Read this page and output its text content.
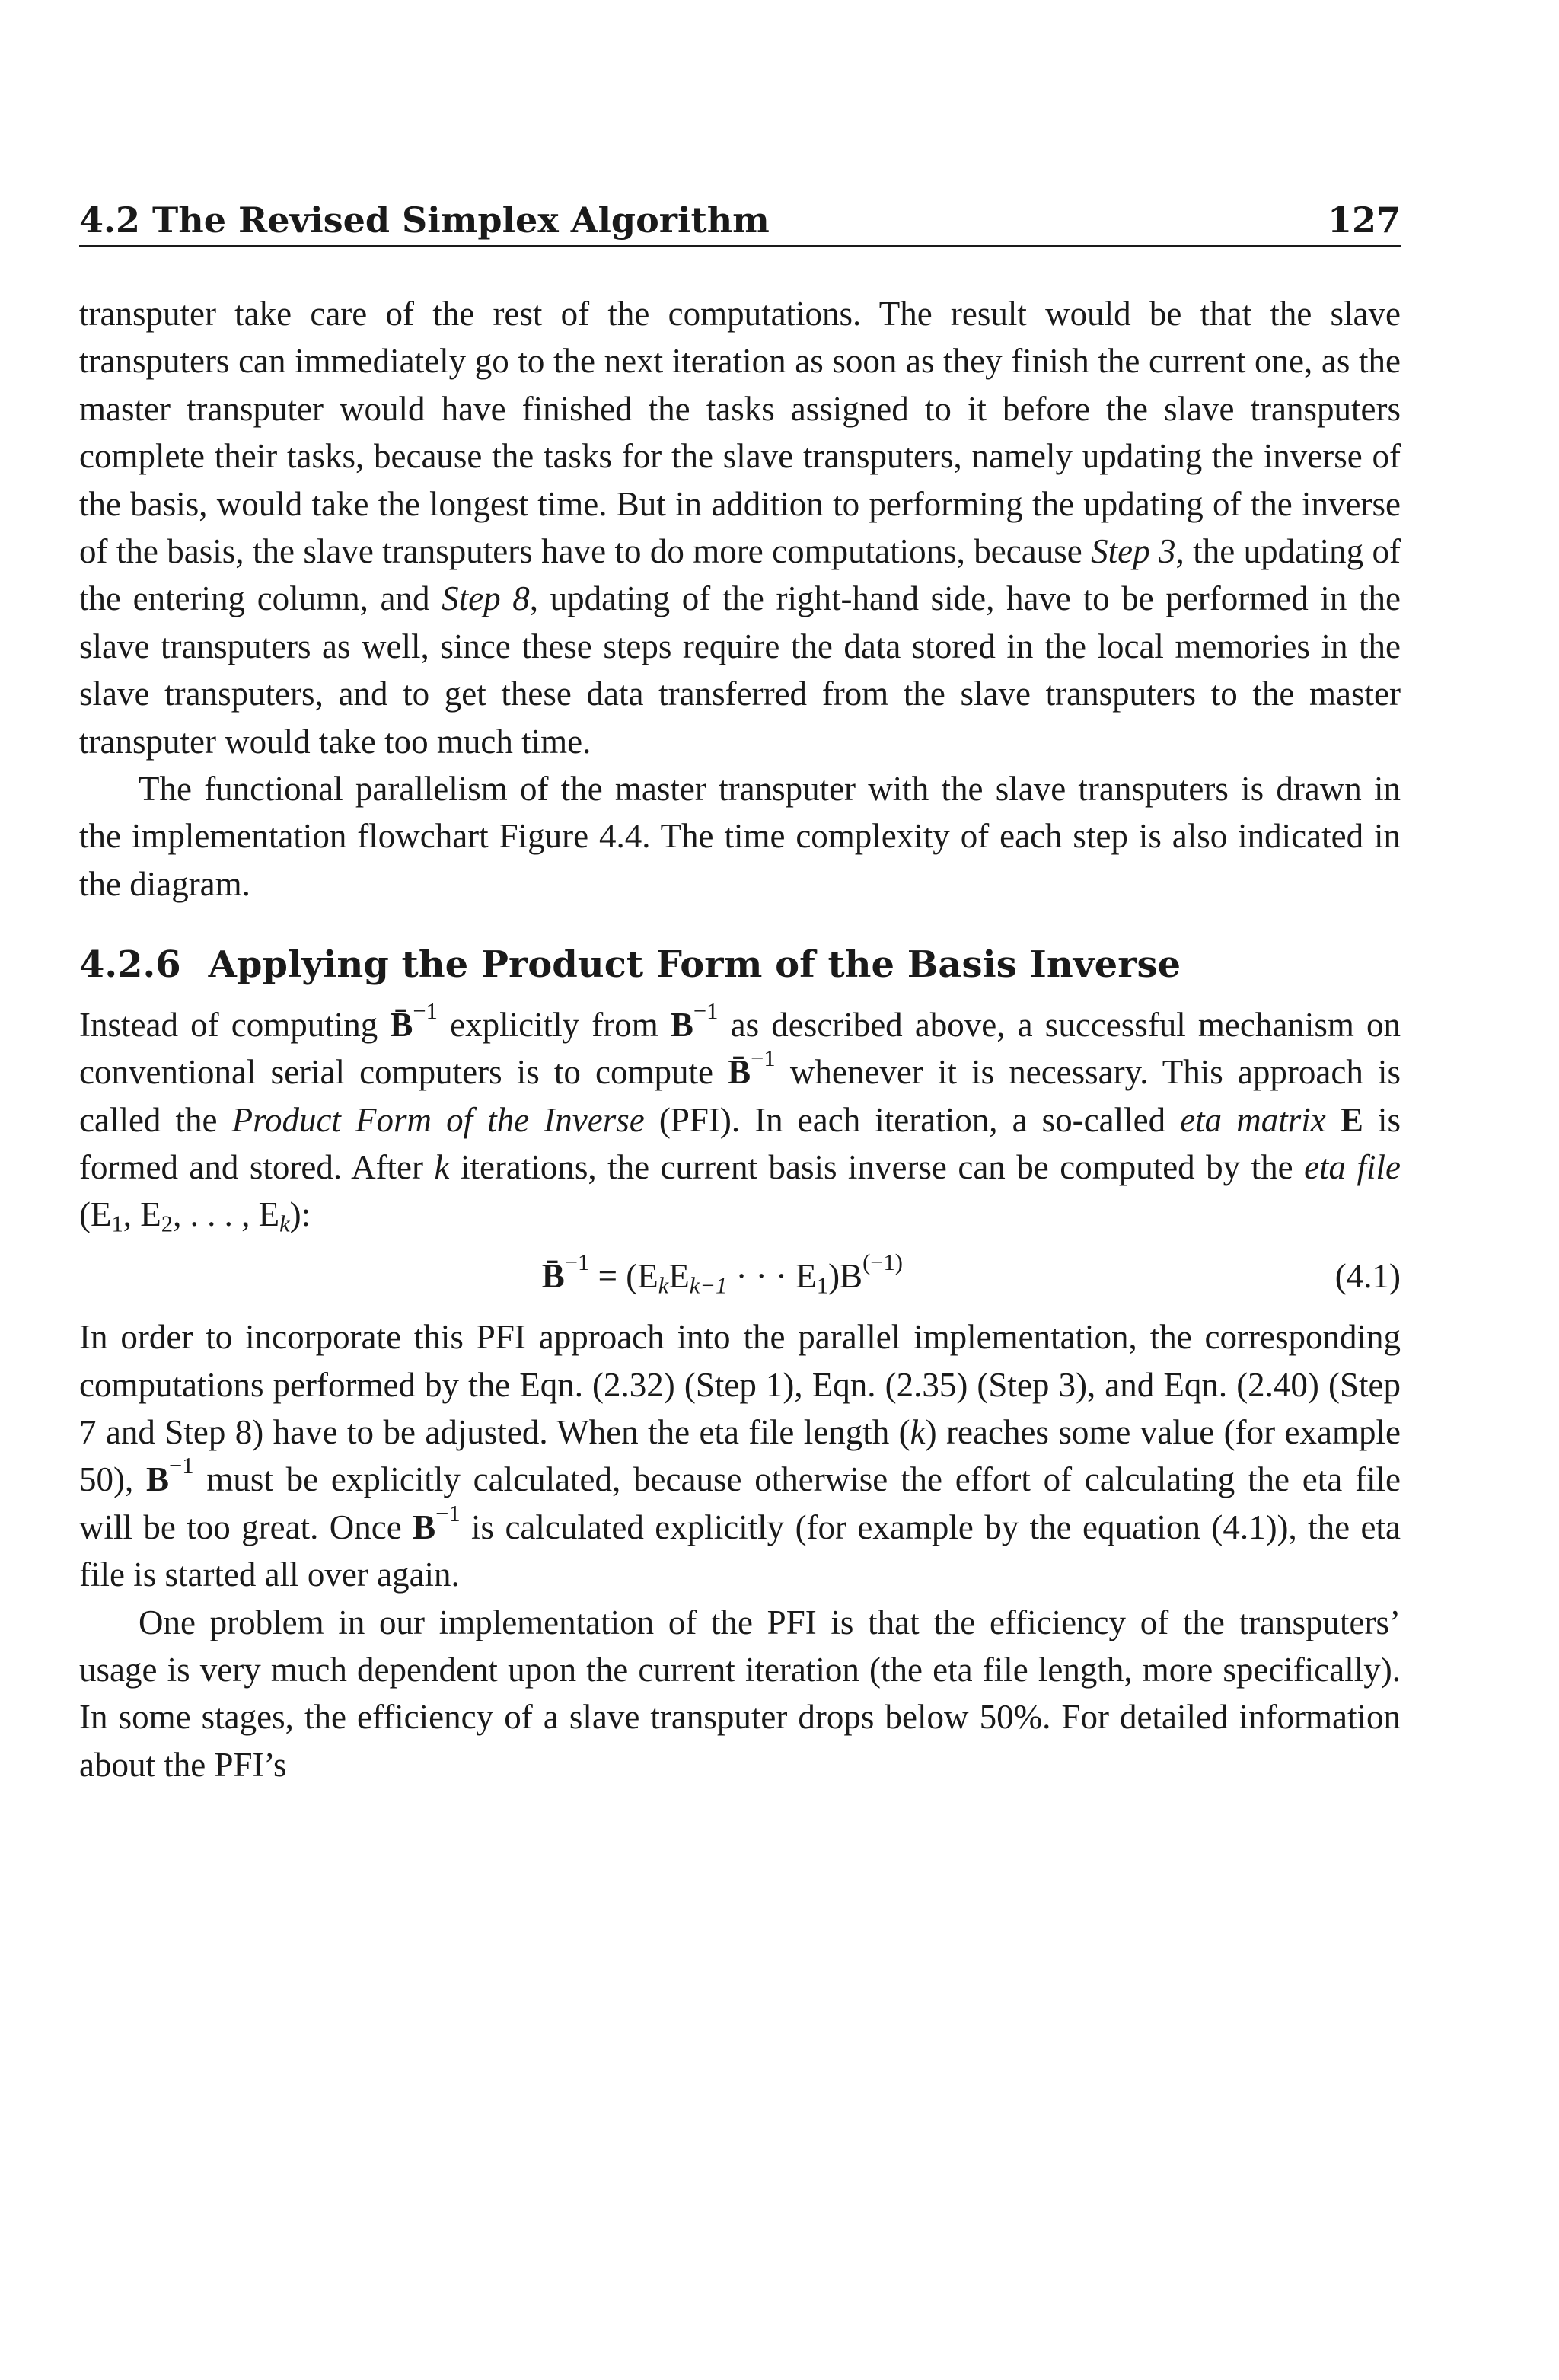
4.2 The Revised Simplex Algorithm	127

transputer take care of the rest of the computations. The result would be that the slave transputers can immediately go to the next iteration as soon as they finish the current one, as the master transputer would have finished the tasks assigned to it before the slave transputers complete their tasks, because the tasks for the slave transputers, namely updating the inverse of the basis, would take the longest time. But in addition to performing the updating of the inverse of the basis, the slave transputers have to do more computations, because Step 3, the updating of the entering column, and Step 8, updating of the right-hand side, have to be performed in the slave transputers as well, since these steps require the data stored in the local memories in the slave transputers, and to get these data transferred from the slave transputers to the master transputer would take too much time.

The functional parallelism of the master transputer with the slave transputers is drawn in the implementation flowchart Figure 4.4. The time complexity of each step is also indicated in the diagram.

4.2.6 Applying the Product Form of the Basis Inverse

Instead of computing B̄$^{-1}$ explicitly from $B^{-1}$ as described above, a successful mechanism on conventional serial computers is to compute B̄$^{-1}$ whenever it is necessary. This approach is called the Product Form of the Inverse (PFI). In each iteration, a so-called eta matrix E is formed and stored. After k iterations, the current basis inverse can be computed by the eta file ($E_1$, $E_2$, . . . , $E_k$):

B̄$^{-1}$ = ($E_kE_{k-1}$ · · · $E_1)B^{(-1)}$	(4.1)

In order to incorporate this PFI approach into the parallel implementation, the corresponding computations performed by the Eqn. (2.32) (Step 1), Eqn. (2.35) (Step 3), and Eqn. (2.40) (Step 7 and Step 8) have to be adjusted. When the eta file length (k) reaches some value (for example 50), $B^{-1}$ must be explicitly calculated, because otherwise the effort of calculating the eta file will be too great. Once $B^{-1}$ is calculated explicitly (for example by the equation (4.1)), the eta file is started all over again.

One problem in our implementation of the PFI is that the efficiency of the transputers’ usage is very much dependent upon the current iteration (the eta file length, more specifically). In some stages, the efficiency of a slave transputer drops below 50%. For detailed information about the PFI’s
